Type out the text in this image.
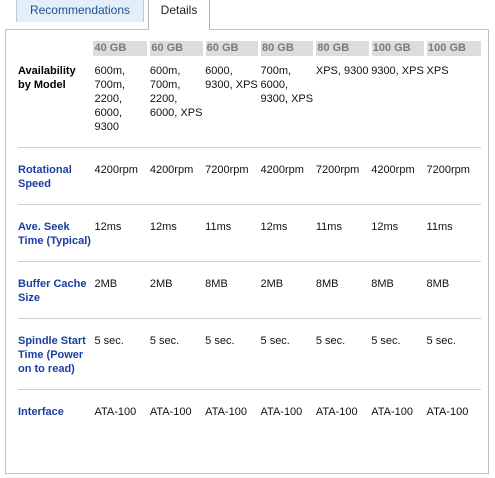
Recommendations	Details
	40 GB	60 GB	60 GB	80 GB	80 GB	100 GB	100 GB
Availability by Model	600m, 700m, 2200, 6000, 9300	600m, 700m, 2200, 6000, XPS	6000, 9300, XPS	700m, 6000, 9300, XPS	XPS, 9300	9300, XPS	XPS

Rotational Speed	4200rpm	4200rpm	7200rpm	4200rpm	7200rpm	4200rpm	7200rpm

Ave. Seek Time (Typical)	12ms	12ms	11ms	12ms	11ms	12ms	11ms

Buffer Cache Size	2MB	2MB	8MB	2MB	8MB	8MB	8MB

Spindle Start Time (Power on to read)	5 sec.	5 sec.	5 sec.	5 sec.	5 sec.	5 sec.	5 sec.

Interface	ATA-100	ATA-100	ATA-100	ATA-100	ATA-100	ATA-100	ATA-100
